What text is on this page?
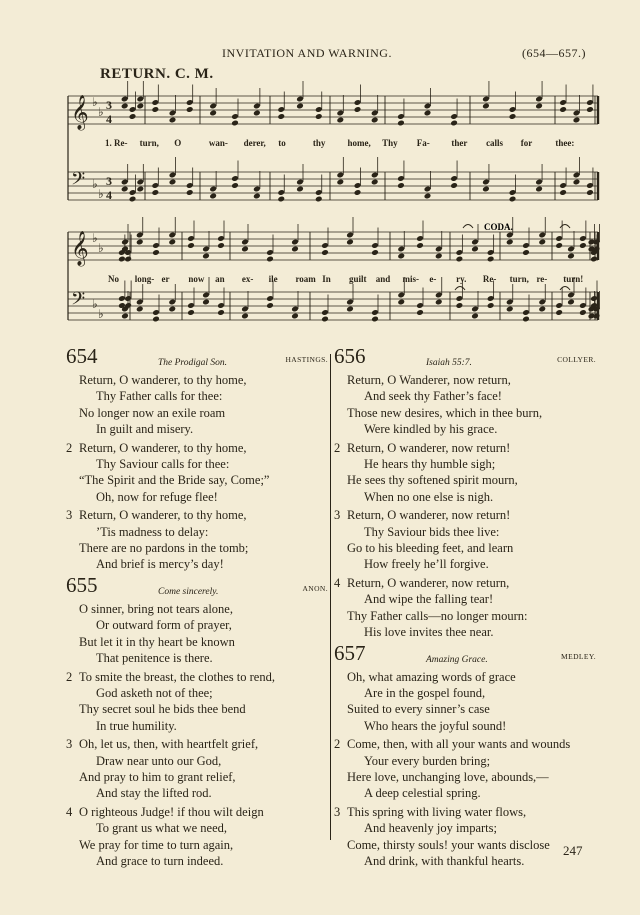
INVITATION AND WARNING.	(654—657.)
RETURN. C. M.
CODA.
𝄞 ♭
♭ 3
4
𝄢 ♭
♭
3
4
𝄞 ♭
♭
𝄢 ♭
♭
1. Re- turn, O	wan- derer, to	thy home, Thy Fa- ther calls for	thee:
No long- er now an ex- ile roam In guilt and mis- e- ry. Re- turn, re- turn!
654	The Prodigal Son.	HASTINGS.
Return, O wanderer, to thy home,
Thy Father calls for thee:
No longer now an exile roam
In guilt and misery.
2 Return, O wanderer, to thy home,
Thy Saviour calls for thee:
“The Spirit and the Bride say, Come;”
Oh, now for refuge flee!
3 Return, O wanderer, to thy home,
’Tis madness to delay:
There are no pardons in the tomb;
And brief is mercy’s day!
655	Come sincerely.	ANON.
O sinner, bring not tears alone,
Or outward form of prayer,
But let it in thy heart be known
That penitence is there.
2 To smite the breast, the clothes to rend,
God asketh not of thee;
Thy secret soul he bids thee bend
In true humility.
3 Oh, let us, then, with heartfelt grief,
Draw near unto our God,
And pray to him to grant relief,
And stay the lifted rod.
4 O righteous Judge! if thou wilt deign
To grant us what we need,
We pray for time to turn again,
And grace to turn indeed.
656	Isaiah 55:7.	COLLYER.
Return, O Wanderer, now return,
And seek thy Father’s face!
Those new desires, which in thee burn,
Were kindled by his grace.
2 Return, O wanderer, now return!
He hears thy humble sigh;
He sees thy softened spirit mourn,
When no one else is nigh.
3 Return, O wanderer, now return!
Thy Saviour bids thee live:
Go to his bleeding feet, and learn
How freely he’ll forgive.
4 Return, O wanderer, now return,
And wipe the falling tear!
Thy Father calls—no longer mourn:
His love invites thee near.
657	Amazing Grace.	MEDLEY.
Oh, what amazing words of grace
Are in the gospel found,
Suited to every sinner’s case
Who hears the joyful sound!
2 Come, then, with all your wants and wounds
Your every burden bring;
Here love, unchanging love, abounds,—
A deep celestial spring.
3 This spring with living water flows,
And heavenly joy imparts;
Come, thirsty souls! your wants disclose
And drink, with thankful hearts.
247
